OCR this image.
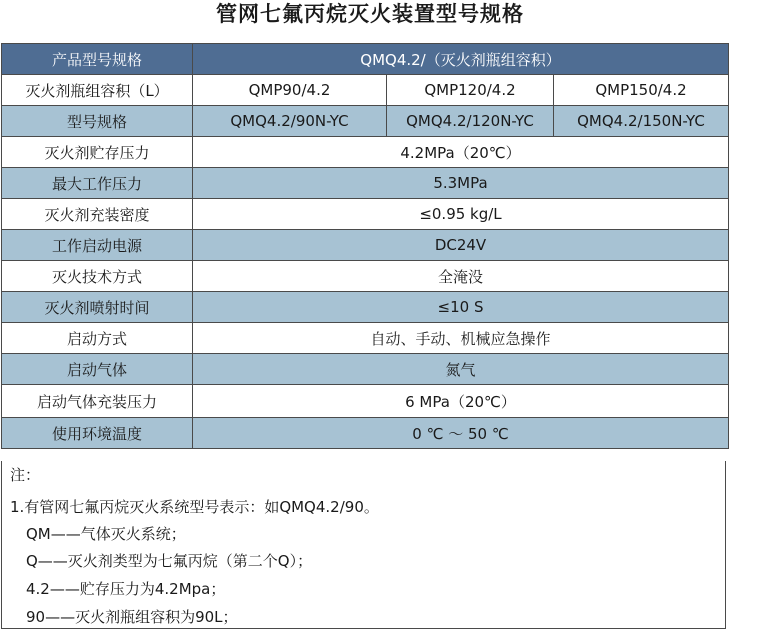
管网七氟丙烷灭火装置型号规格
产品型号规格	QMQ4.2/（灭火剂瓶组容积）		
灭火剂瓶组容积（L）	QMP90/4.2	QMP120/4.2	QMP150/4.2
型号规格	QMQ4.2/90N-YC	QMQ4.2/120N-YC	QMQ4.2/150N-YC
灭火剂贮存压力	4.2MPa（20℃）		
最大工作压力	5.3MPa		
灭火剂充装密度	≤0.95 kg/L		
工作启动电源	DC24V		
灭火技术方式	全淹没		
灭火剂喷射时间	≤10 S		
启动方式	自动、手动、机械应急操作		
启动气体	氮气		
启动气体充装压力	6 MPa（20℃）		
使用环境温度	0 ℃ ～ 50 ℃		
注：
1.有管网七氟丙烷灭火系统型号表示：如QMQ4.2/90。
QM——气体灭火系统；
Q——灭火剂类型为七氟丙烷（第二个Q）；
4.2——贮存压力为4.2Mpa；
90——灭火剂瓶组容积为90L；
